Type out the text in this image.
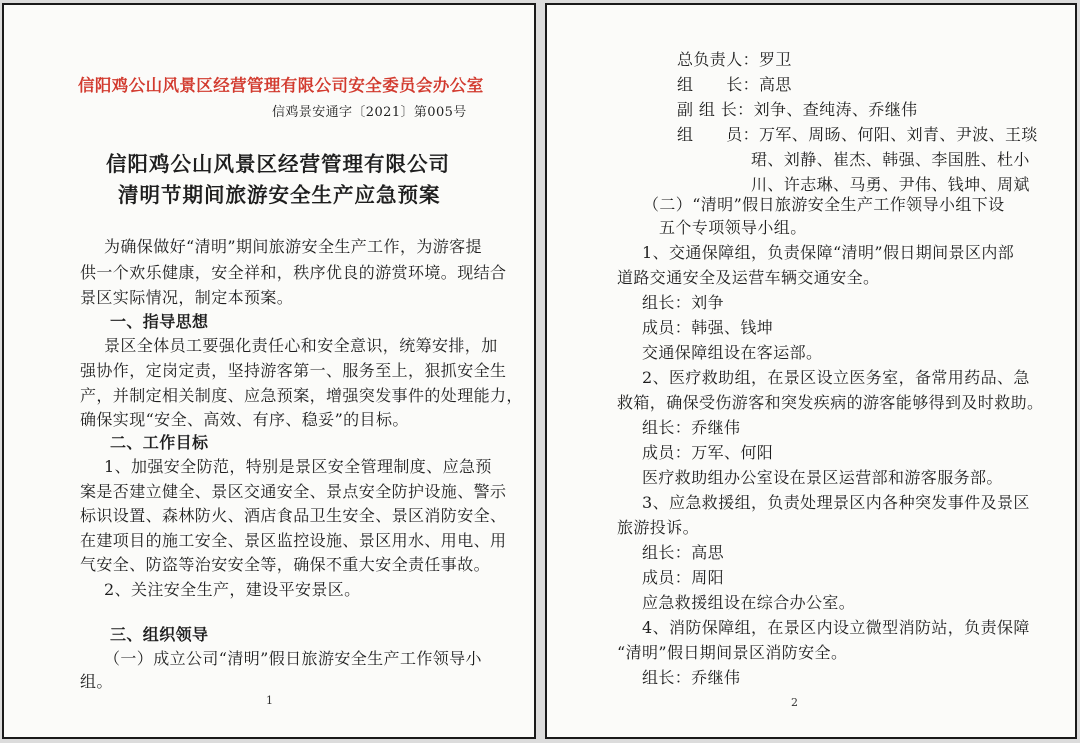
信阳鸡公山风景区经营管理有限公司安全委员会办公室
信鸡景安通字〔2021〕第005号
信阳鸡公山风景区经营管理有限公司
清明节期间旅游安全生产应急预案
为确保做好“清明”期间旅游安全生产工作，为游客提
供一个欢乐健康，安全祥和，秩序优良的游赏环境。现结合
景区实际情况，制定本预案。
一、指导思想
景区全体员工要强化责任心和安全意识，统筹安排，加
强协作，定岗定责，坚持游客第一、服务至上，狠抓安全生
产，并制定相关制度、应急预案，增强突发事件的处理能力，
确保实现“安全、高效、有序、稳妥”的目标。
二、工作目标
1、加强安全防范，特别是景区安全管理制度、应急预
案是否建立健全、景区交通安全、景点安全防护设施、警示
标识设置、森林防火、酒店食品卫生安全、景区消防安全、
在建项目的施工安全、景区监控设施、景区用水、用电、用
气安全、防盗等治安安全等，确保不重大安全责任事故。
2、关注安全生产，建设平安景区。
三、组织领导
（一）成立公司“清明”假日旅游安全生产工作领导小
组。
1
总负责人：罗卫
组　　长：高思
副 组 长：刘争、查纯涛、乔继伟
组　　员：万军、周旸、何阳、刘青、尹波、王琰
珺、刘静、崔杰、韩强、李国胜、杜小
川、许志琳、马勇、尹伟、钱坤、周斌
（二）“清明”假日旅游安全生产工作领导小组下设
五个专项领导小组。
1、交通保障组，负责保障“清明”假日期间景区内部
道路交通安全及运营车辆交通安全。
组长：刘争
成员：韩强、钱坤
交通保障组设在客运部。
2、医疗救助组，在景区设立医务室，备常用药品、急
救箱，确保受伤游客和突发疾病的游客能够得到及时救助。
组长：乔继伟
成员：万军、何阳
医疗救助组办公室设在景区运营部和游客服务部。
3、应急救援组，负责处理景区内各种突发事件及景区
旅游投诉。
组长：高思
成员：周阳
应急救援组设在综合办公室。
4、消防保障组，在景区内设立微型消防站，负责保障
“清明”假日期间景区消防安全。
组长：乔继伟
2
